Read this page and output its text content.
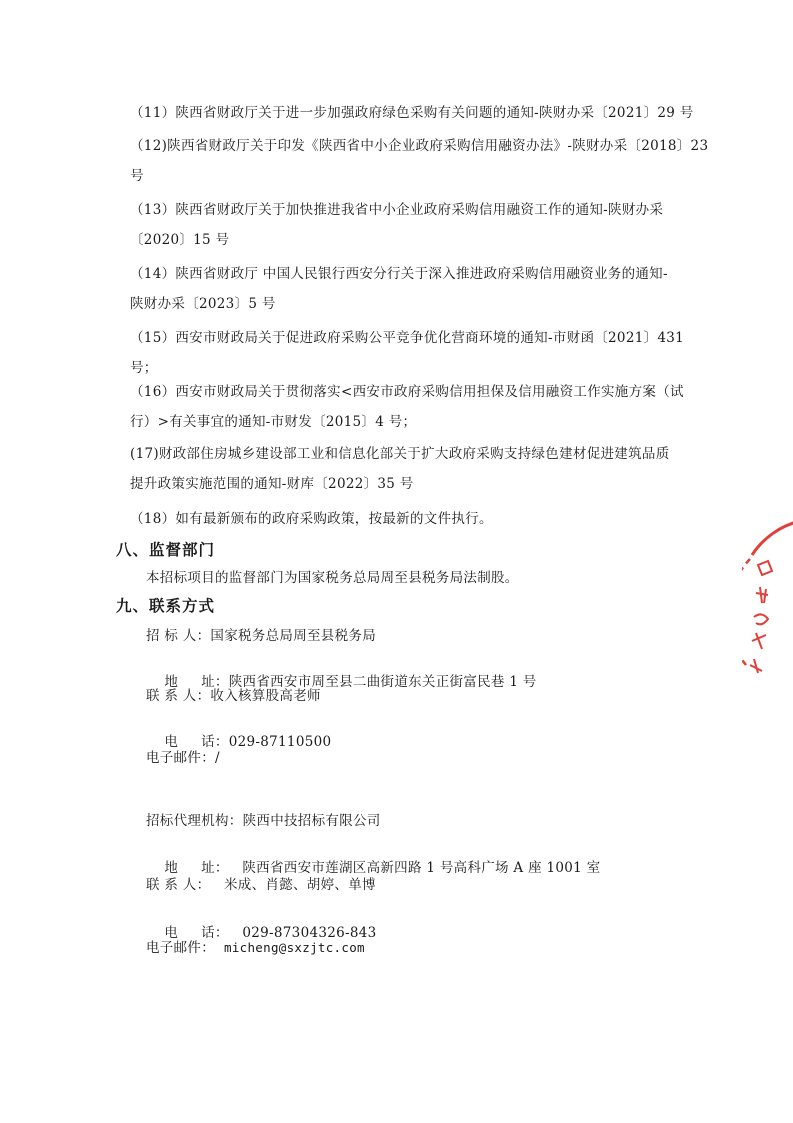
（11）陕西省财政厅关于进一步加强政府绿色采购有关问题的通知-陕财办采〔2021〕29 号
（12)陕西省财政厅关于印发《陕西省中小企业政府采购信用融资办法》-陕财办采〔2018〕23
号
（13）陕西省财政厅关于加快推进我省中小企业政府采购信用融资工作的通知-陕财办采
〔2020〕15 号
（14）陕西省财政厅 中国人民银行西安分行关于深入推进政府采购信用融资业务的通知-
陕财办采〔2023〕5 号
（15）西安市财政局关于促进政府采购公平竞争优化营商环境的通知-市财函〔2021〕431
号；
（16）西安市财政局关于贯彻落实<西安市政府采购信用担保及信用融资工作实施方案（试
行）>有关事宜的通知-市财发〔2015〕4 号；
(17)财政部住房城乡建设部工业和信息化部关于扩大政府采购支持绿色建材促进建筑品质
提升政策实施范围的通知-财库〔2022〕35 号
（18）如有最新颁布的政府采购政策，按最新的文件执行。
八、监督部门
本招标项目的监督部门为国家税务总局周至县税务局法制股。
九、联系方式
招 标 人：国家税务总局周至县税务局

地     址：陕西省西安市周至县二曲街道东关正街富民巷 1 号

联 系 人：收入核算股高老师

电     话：029-87110500

电子邮件：/
招标代理机构：陕西中技招标有限公司

地     址： 陕西省西安市莲湖区高新四路 1 号高科广场 A 座 1001 室

联 系 人： 米成、肖懿、胡婷、单博

电     话： 029-87304326-843

电子邮件： micheng@sxzjtc.com
